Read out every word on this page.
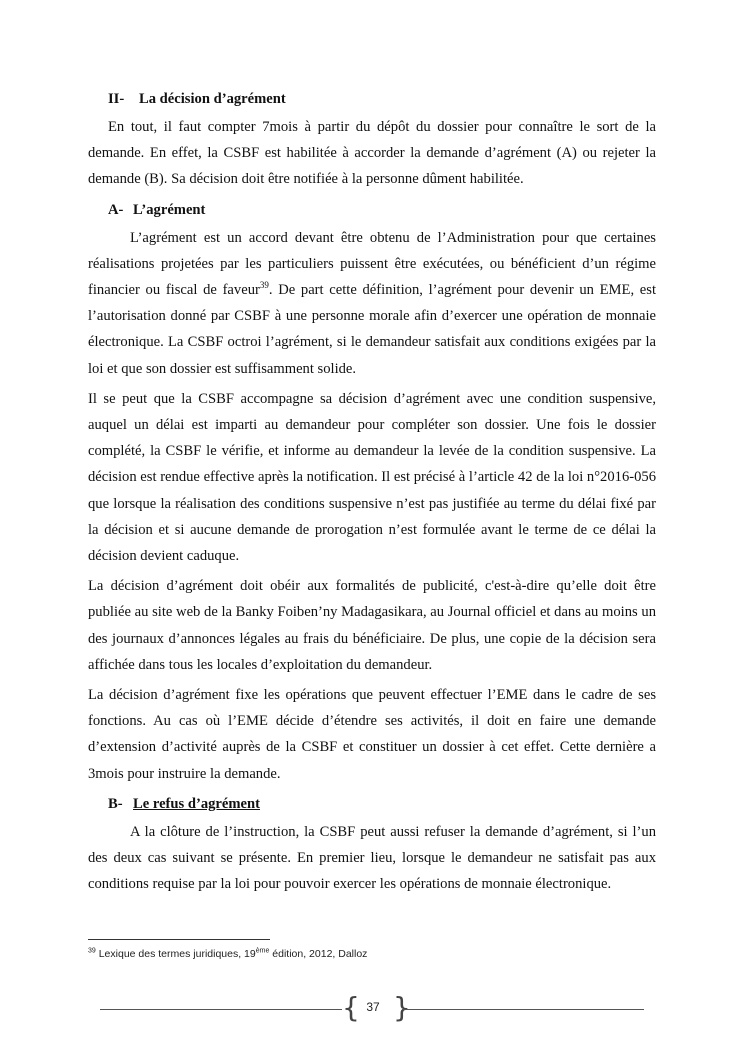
II- La décision d’agrément

En tout, il faut compter 7mois à partir du dépôt du dossier pour connaître le sort de la demande. En effet, la CSBF est habilitée à accorder la demande d’agrément (A) ou rejeter la demande (B). Sa décision doit être notifiée à la personne dûment habilitée.

A- L’agrément

L’agrément est un accord devant être obtenu de l’Administration pour que certaines réalisations projetées par les particuliers puissent être exécutées, ou bénéficient d’un régime financier ou fiscal de faveur$^{39}$. De part cette définition, l’agrément pour devenir un EME, est l’autorisation donné par CSBF à une personne morale afin d’exercer une opération de monnaie électronique. La CSBF octroi l’agrément, si le demandeur satisfait aux conditions exigées par la loi et que son dossier est suffisamment solide.

Il se peut que la CSBF accompagne sa décision d’agrément avec une condition suspensive, auquel un délai est imparti au demandeur pour compléter son dossier. Une fois le dossier complété, la CSBF le vérifie, et informe au demandeur la levée de la condition suspensive. La décision est rendue effective après la notification. Il est précisé à l’article 42 de la loi n°2016-056 que lorsque la réalisation des conditions suspensive n’est pas justifiée au terme du délai fixé par la décision et si aucune demande de prorogation n’est formulée avant le terme de ce délai la décision devient caduque.

La décision d’agrément doit obéir aux formalités de publicité, c'est-à-dire qu’elle doit être publiée au site web de la Banky Foiben’ny Madagasikara, au Journal officiel et dans au moins un des journaux d’annonces légales au frais du bénéficiaire. De plus, une copie de la décision sera affichée dans tous les locales d’exploitation du demandeur.

La décision d’agrément fixe les opérations que peuvent effectuer l’EME dans le cadre de ses fonctions. Au cas où l’EME décide d’étendre ses activités, il doit en faire une demande d’extension d’activité auprès de la CSBF et constituer un dossier à cet effet. Cette dernière a 3mois pour instruire la demande.

B- Le refus d’agrément

A la clôture de l’instruction, la CSBF peut aussi refuser la demande d’agrément, si l’un des deux cas suivant se présente. En premier lieu, lorsque le demandeur ne satisfait pas aux conditions requise par la loi pour pouvoir exercer les opérations de monnaie électronique.

$^{39}$ Lexique des termes juridiques, 19ème édition, 2012, Dalloz
{ 37 }
